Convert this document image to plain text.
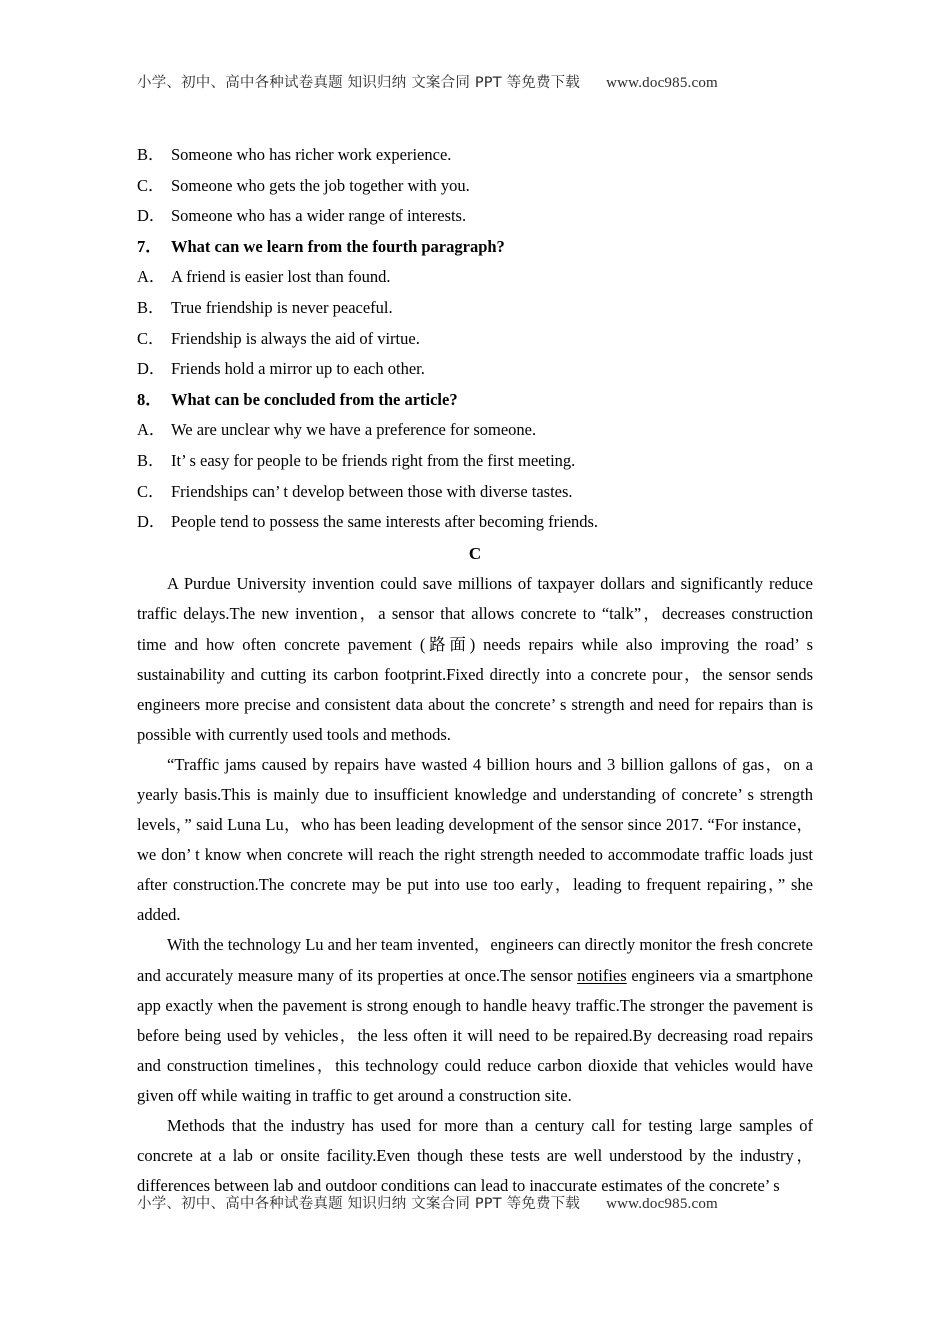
小学、初中、高中各种试卷真题 知识归纳 文案合同 PPT 等免费下载 www.doc985.com
B． Someone who has richer work experience.
C． Someone who gets the job together with you.
D． Someone who has a wider range of interests.
7． What can we learn from the fourth paragraph?
A． A friend is easier lost than found.
B． True friendship is never peaceful.
C． Friendship is always the aid of virtue.
D． Friends hold a mirror up to each other.
8． What can be concluded from the article?
A． We are unclear why we have a preference for someone.
B． It’ s easy for people to be friends right from the first meeting.
C． Friendships can’ t develop between those with diverse tastes.
D． People tend to possess the same interests after becoming friends.
C

A Purdue University invention could save millions of taxpayer dollars and significantly reduce traffic delays.The new invention，a sensor that allows concrete to “talk”，decreases construction time and how often concrete pavement (路面) needs repairs while also improving the road’ s sustainability and cutting its carbon footprint.Fixed directly into a concrete pour，the sensor sends engineers more precise and consistent data about the concrete’ s strength and need for repairs than is possible with currently used tools and methods.

“Traffic jams caused by repairs have wasted 4 billion hours and 3 billion gallons of gas，on a yearly basis.This is mainly due to insufficient knowledge and understanding of concrete’ s strength levels，” said Luna Lu，who has been leading development of the sensor since 2017. “For instance，we don’ t know when concrete will reach the right strength needed to accommodate traffic loads just after construction.The concrete may be put into use too early，leading to frequent repairing，” she added.

With the technology Lu and her team invented，engineers can directly monitor the fresh concrete and accurately measure many of its properties at once.The sensor notifies engineers via a smartphone app exactly when the pavement is strong enough to handle heavy traffic.The stronger the pavement is before being used by vehicles，the less often it will need to be repaired.By decreasing road repairs and construction timelines，this technology could reduce carbon dioxide that vehicles would have given off while waiting in traffic to get around a construction site.

Methods that the industry has used for more than a century call for testing large samples of concrete at a lab or onsite facility.Even though these tests are well understood by the industry，differences between lab and outdoor conditions can lead to inaccurate estimates of the concrete’ s

小学、初中、高中各种试卷真题 知识归纳 文案合同 PPT 等免费下载 www.doc985.com
